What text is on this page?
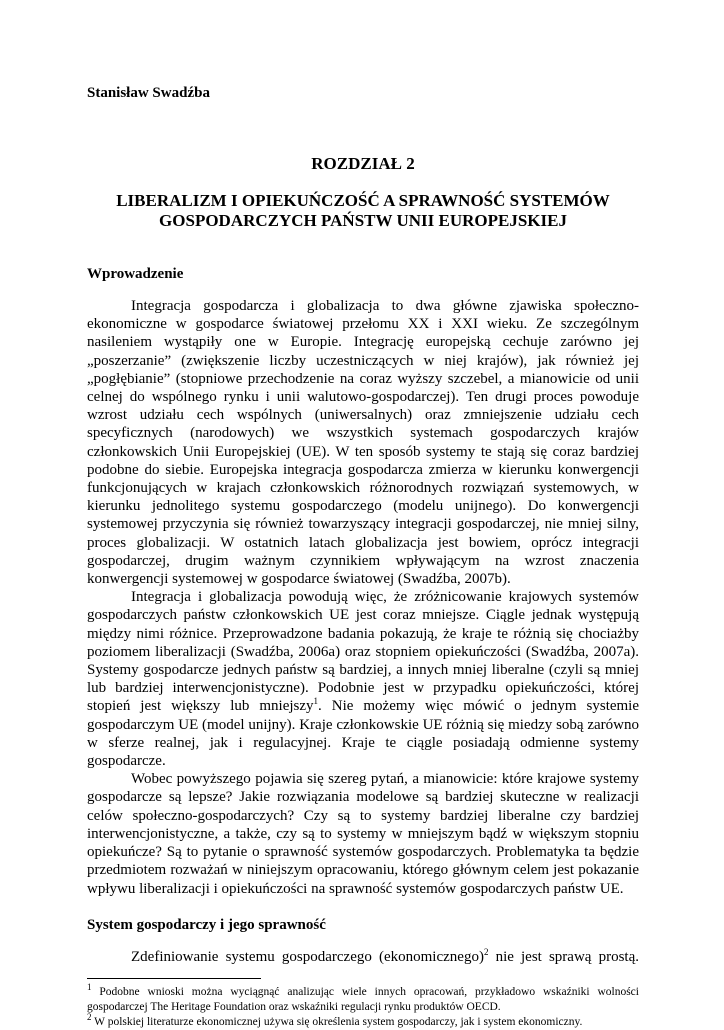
Stanisław Swadźba

ROZDZIAŁ 2

LIBERALIZM I OPIEKUŃCZOŚĆ A SPRAWNOŚĆ SYSTEMÓW GOSPODARCZYCH PAŃSTW UNII EUROPEJSKIEJ

Wprowadzenie

Integracja gospodarcza i globalizacja to dwa główne zjawiska społeczno-ekonomiczne w gospodarce światowej przełomu XX i XXI wieku. Ze szczególnym nasileniem wystąpiły one w Europie. Integrację europejską cechuje zarówno jej „poszerzanie” (zwiększenie liczby uczestniczących w niej krajów), jak również jej „pogłębianie” (stopniowe przechodzenie na coraz wyższy szczebel, a mianowicie od unii celnej do wspólnego rynku i unii walutowo-gospodarczej). Ten drugi proces powoduje wzrost udziału cech wspólnych (uniwersalnych) oraz zmniejszenie udziału cech specyficznych (narodowych) we wszystkich systemach gospodarczych krajów członkowskich Unii Europejskiej (UE). W ten sposób systemy te stają się coraz bardziej podobne do siebie. Europejska integracja gospodarcza zmierza w kierunku konwergencji funkcjonujących w krajach członkowskich różnorodnych rozwiązań systemowych, w kierunku jednolitego systemu gospodarczego (modelu unijnego). Do konwergencji systemowej przyczynia się również towarzyszący integracji gospodarczej, nie mniej silny, proces globalizacji. W ostatnich latach globalizacja jest bowiem, oprócz integracji gospodarczej, drugim ważnym czynnikiem wpływającym na wzrost znaczenia konwergencji systemowej w gospodarce światowej (Swadźba, 2007b).

Integracja i globalizacja powodują więc, że zróżnicowanie krajowych systemów gospodarczych państw członkowskich UE jest coraz mniejsze. Ciągle jednak występują między nimi różnice. Przeprowadzone badania pokazują, że kraje te różnią się chociażby poziomem liberalizacji (Swadźba, 2006a) oraz stopniem opiekuńczości (Swadźba, 2007a). Systemy gospodarcze jednych państw są bardziej, a innych mniej liberalne (czyli są mniej lub bardziej interwencjonistyczne). Podobnie jest w przypadku opiekuńczości, której stopień jest większy lub mniejszy$^1$. Nie możemy więc mówić o jednym systemie gospodarczym UE (model unijny). Kraje członkowskie UE różnią się miedzy sobą zarówno w sferze realnej, jak i regulacyjnej. Kraje te ciągle posiadają odmienne systemy gospodarcze.

Wobec powyższego pojawia się szereg pytań, a mianowicie: które krajowe systemy gospodarcze są lepsze? Jakie rozwiązania modelowe są bardziej skuteczne w realizacji celów społeczno-gospodarczych? Czy są to systemy bardziej liberalne czy bardziej interwencjonistyczne, a także, czy są to systemy w mniejszym bądź w większym stopniu opiekuńcze? Są to pytanie o sprawność systemów gospodarczych. Problematyka ta będzie przedmiotem rozważań w niniejszym opracowaniu, którego głównym celem jest pokazanie wpływu liberalizacji i opiekuńczości na sprawność systemów gospodarczych państw UE.

System gospodarczy i jego sprawność

Zdefiniowanie systemu gospodarczego (ekonomicznego)$^2$ nie jest sprawą prostą.

$^1$ Podobne wnioski można wyciągnąć analizując wiele innych opracowań, przykładowo wskaźniki wolności gospodarczej The Heritage Foundation oraz wskaźniki regulacji rynku produktów OECD.

$^2$ W polskiej literaturze ekonomicznej używa się określenia system gospodarczy, jak i system ekonomiczny.
